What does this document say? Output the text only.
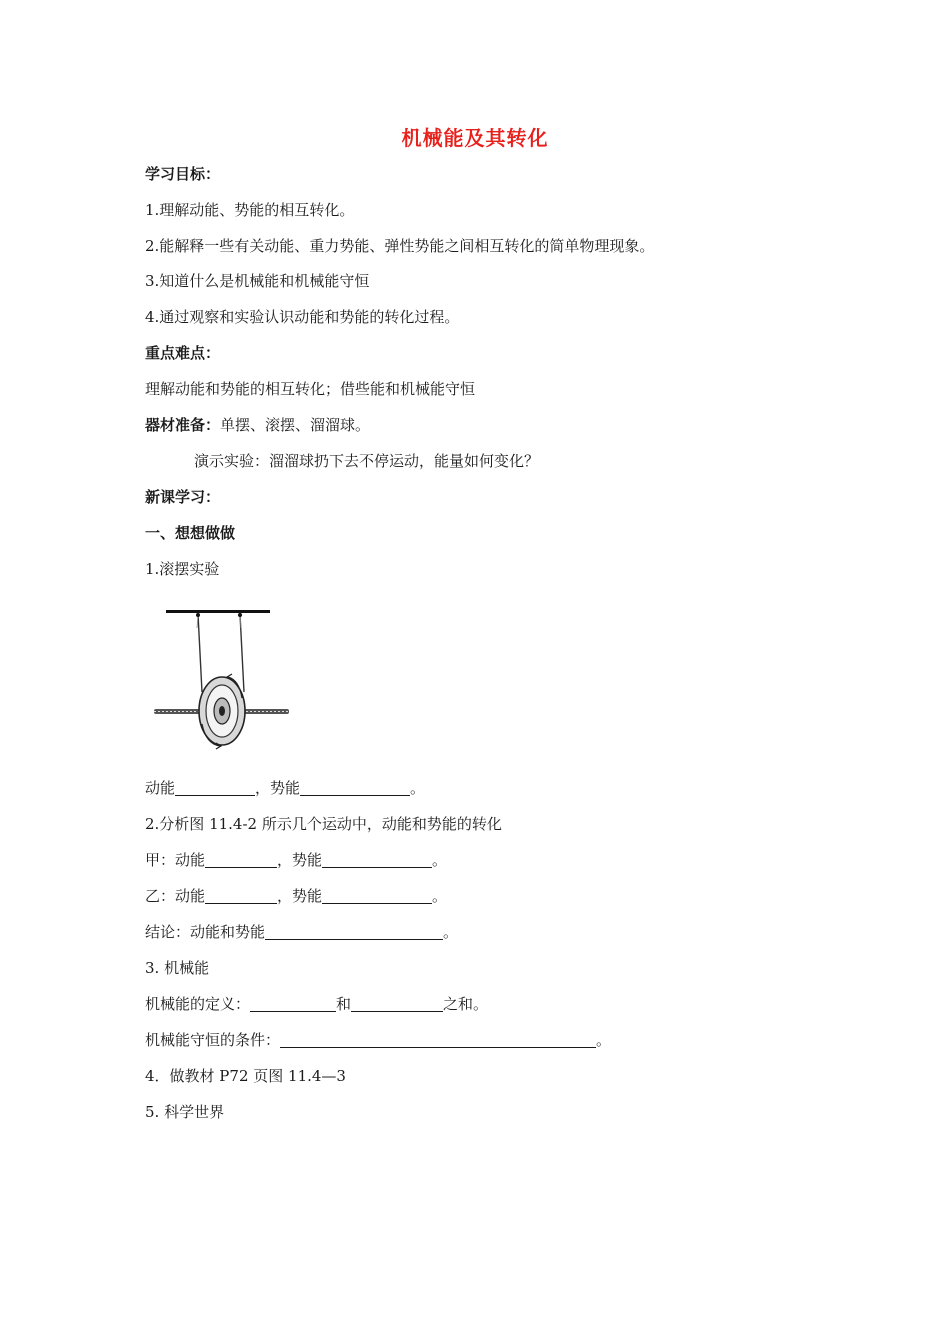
机械能及其转化
学习目标：
1.理解动能、势能的相互转化。
2.能解释一些有关动能、重力势能、弹性势能之间相互转化的简单物理现象。
3.知道什么是机械能和机械能守恒
4.通过观察和实验认识动能和势能的转化过程。
重点难点：
理解动能和势能的相互转化；借些能和机械能守恒
器材准备：单摆、滚摆、溜溜球。
演示实验：溜溜球扔下去不停运动，能量如何变化？
新课学习：
一、想想做做
1.滚摆实验
动能	，势能	。
2.分析图 11.4-2 所示几个运动中，动能和势能的转化
甲：动能	，势能	。
乙：动能	，势能	。
结论：动能和势能	。
3. 机械能
机械能的定义：	和	之和。
机械能守恒的条件：	。
4．做教材 P72 页图 11.4—3
5. 科学世界
